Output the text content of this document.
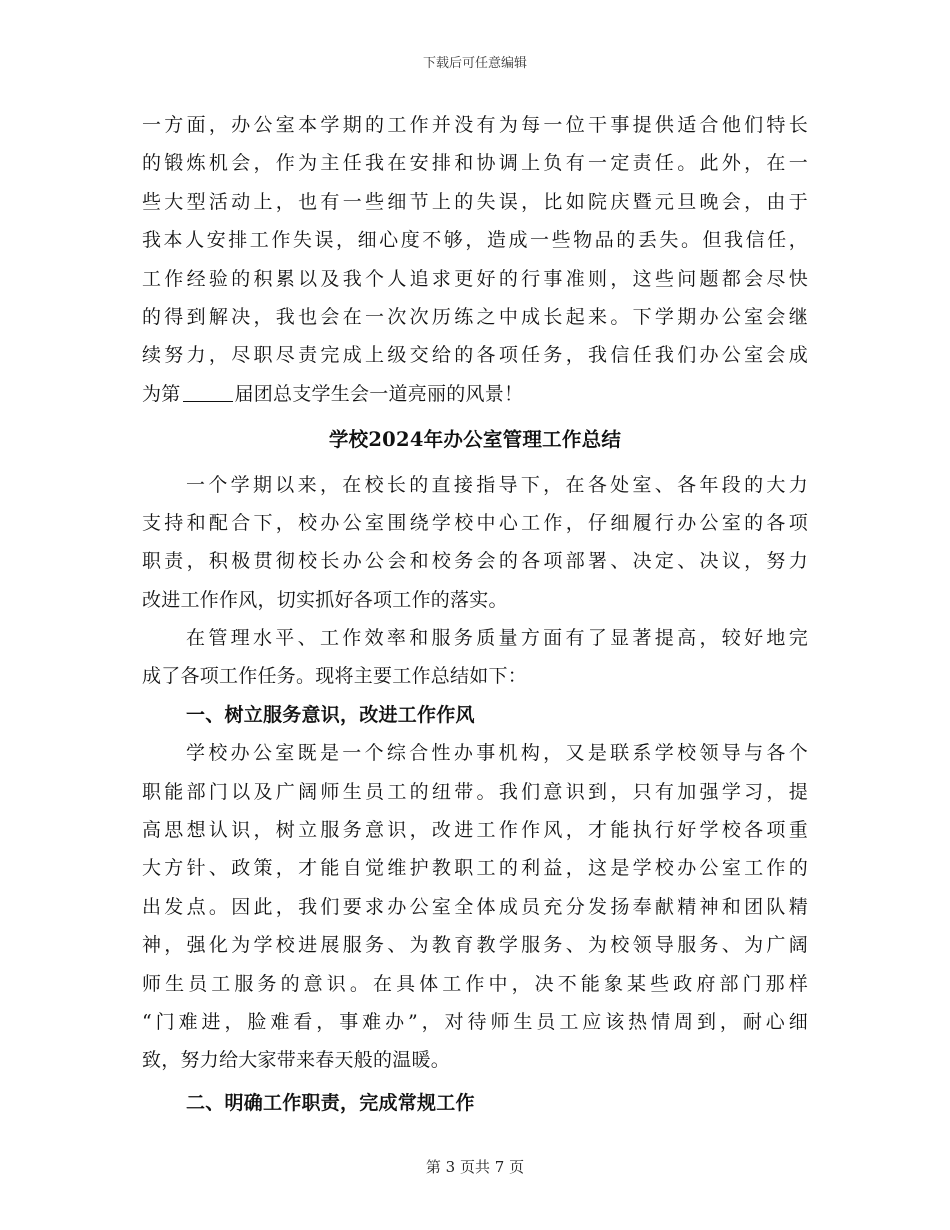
下载后可任意编辑
一方面，办公室本学期的工作并没有为每一位干事提供适合他们特长
的锻炼机会，作为主任我在安排和协调上负有一定责任。此外，在一
些大型活动上，也有一些细节上的失误，比如院庆暨元旦晚会，由于
我本人安排工作失误，细心度不够，造成一些物品的丢失。但我信任，
工作经验的积累以及我个人追求更好的行事准则，这些问题都会尽快
的得到解决，我也会在一次次历练之中成长起来。下学期办公室会继
续努力，尽职尽责完成上级交给的各项任务，我信任我们办公室会成
为第	届团总支学生会一道亮丽的风景！
学校2024年办公室管理工作总结
一个学期以来，在校长的直接指导下，在各处室、各年段的大力
支持和配合下，校办公室围绕学校中心工作，仔细履行办公室的各项
职责，积极贯彻校长办公会和校务会的各项部署、决定、决议，努力
改进工作作风，切实抓好各项工作的落实。
在管理水平、工作效率和服务质量方面有了显著提高，较好地完
成了各项工作任务。现将主要工作总结如下：
一、树立服务意识，改进工作作风
学校办公室既是一个综合性办事机构，又是联系学校领导与各个
职能部门以及广阔师生员工的纽带。我们意识到，只有加强学习，提
高思想认识，树立服务意识，改进工作作风，才能执行好学校各项重
大方针、政策，才能自觉维护教职工的利益，这是学校办公室工作的
出发点。因此，我们要求办公室全体成员充分发扬奉献精神和团队精
神，强化为学校进展服务、为教育教学服务、为校领导服务、为广阔
师生员工服务的意识。在具体工作中，决不能象某些政府部门那样
“门难进，脸难看，事难办”，对待师生员工应该热情周到，耐心细
致，努力给大家带来春天般的温暖。
二、明确工作职责，完成常规工作
第 3 页共 7 页
